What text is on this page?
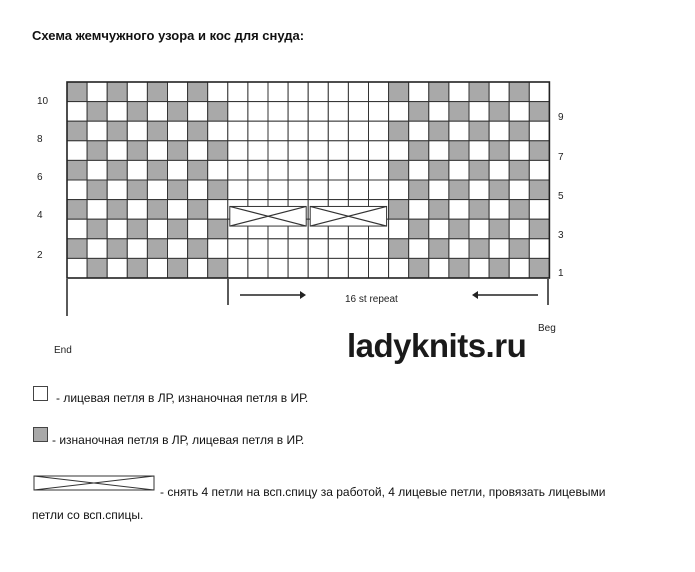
Схема жемчужного узора и кос для снуда:
10
8
6
4
2
9
7
5
3
1
16 st repeat
Beg
End	ladyknits.ru
- лицевая петля в ЛР, изнаночная петля в ИР.
- изнаночная петля в ЛР, лицевая петля в ИР.
- снять 4 петли на всп.спицу за работой, 4 лицевые петли, провязать лицевыми
петли со всп.спицы.
